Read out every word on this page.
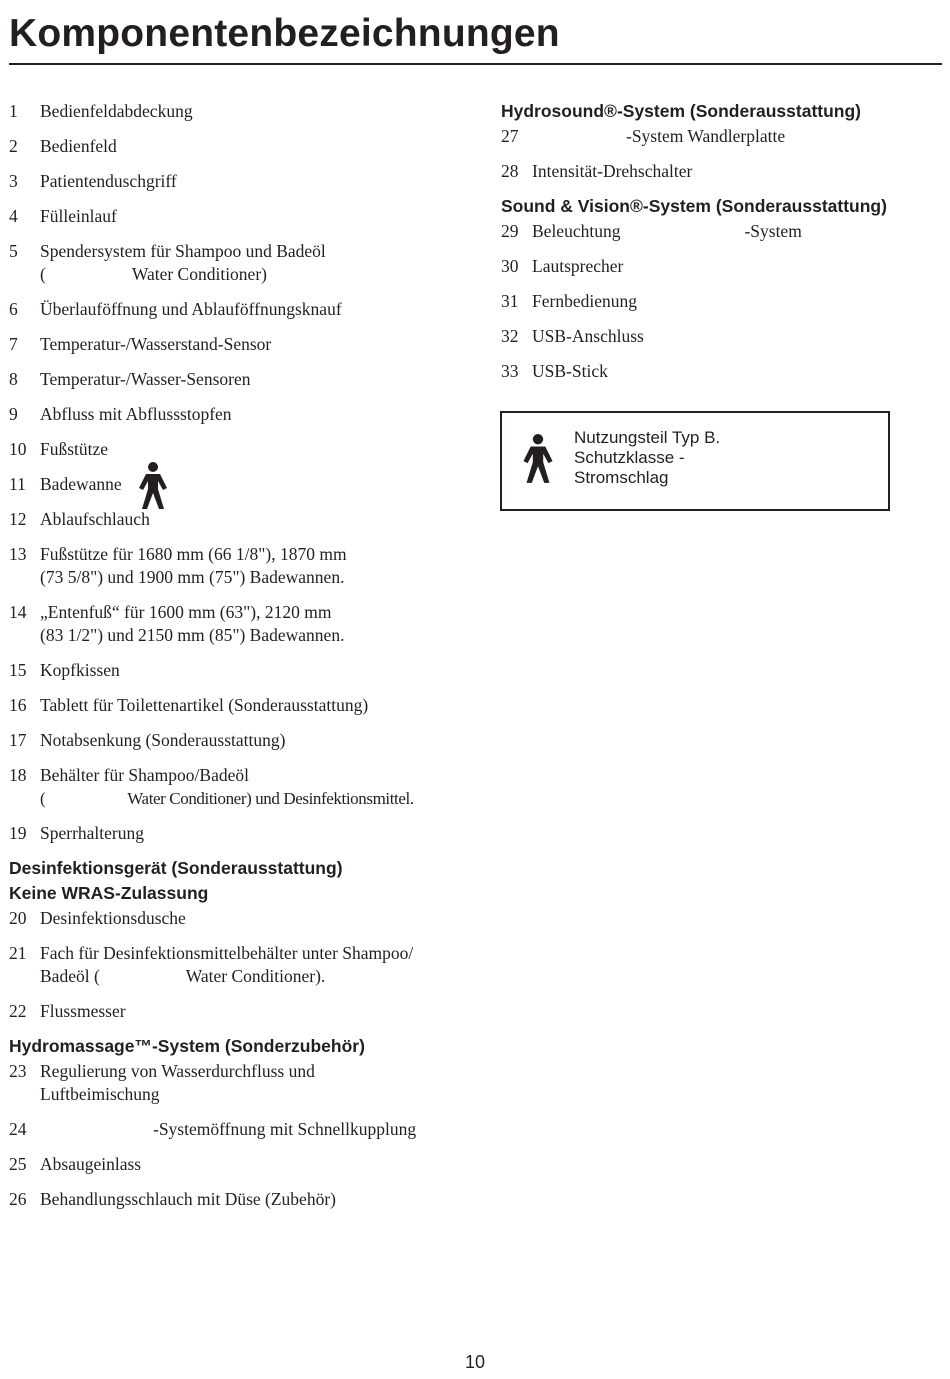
Komponentenbezeichnungen
1 Bedienfeldabdeckung
2 Bedienfeld
3 Patientenduschgriff
4 Fülleinlauf
5 Spendersystem für Shampoo und Badeöl
(	Water Conditioner)
6 Überlauföffnung und Ablauföffnungsknauf
7 Temperatur-/Wasserstand-Sensor
8 Temperatur-/Wasser-Sensoren
9 Abfluss mit Abflussstopfen
10 Fußstütze
11 Badewanne
12 Ablaufschlauch
13 Fußstütze für 1680 mm (66 1/8"), 1870 mm
(73 5/8") und 1900 mm (75") Badewannen.
14 „Entenfuß“ für 1600 mm (63"), 2120 mm
(83 1/2") und 2150 mm (85") Badewannen.
15 Kopfkissen
16 Tablett für Toilettenartikel (Sonderausstattung)
17 Notabsenkung (Sonderausstattung)
18 Behälter für Shampoo/Badeöl
(	Water Conditioner) und Desinfektionsmittel.
19 Sperrhalterung
Desinfektionsgerät (Sonderausstattung)
Keine WRAS-Zulassung
20 Desinfektionsdusche
21 Fach für Desinfektionsmittelbehälter unter Shampoo/
Badeöl (	Water Conditioner).
22 Flussmesser
Hydromassage™-System (Sonderzubehör)
23 Regulierung von Wasserdurchfluss und
Luftbeimischung
24	-Systemöffnung mit Schnellkupplung
25 Absaugeinlass
26 Behandlungsschlauch mit Düse (Zubehör)
Hydrosound®-System (Sonderausstattung)
27	-System Wandlerplatte
28 Intensität-Drehschalter
Sound & Vision®-System (Sonderausstattung)
29 Beleuchtung	-System
30 Lautsprecher
31 Fernbedienung
32 USB-Anschluss
33 USB-Stick
Nutzungsteil Typ B.
Schutzklasse -
Stromschlag
10
